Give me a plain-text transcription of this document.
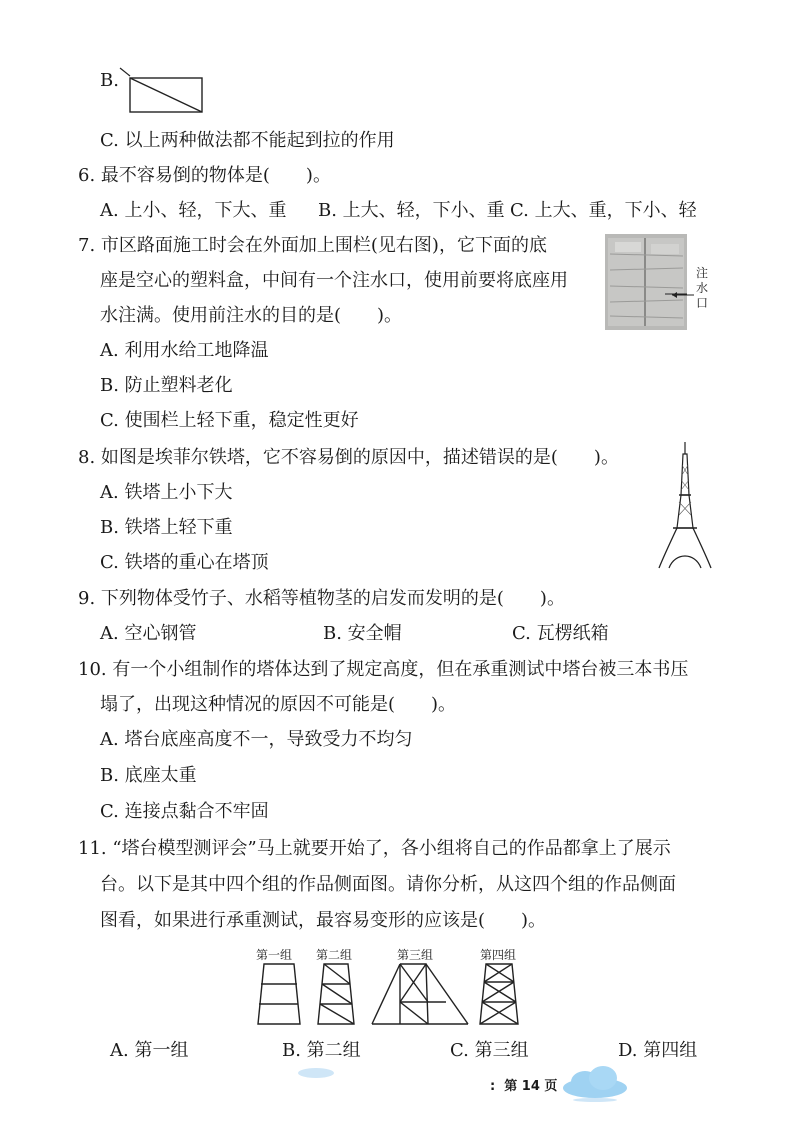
B.
C. 以上两种做法都不能起到拉的作用
6. 最不容易倒的物体是(　　)。
A. 上小、轻，下大、重 B. 上大、轻，下小、重 C. 上大、重，下小、轻
7. 市区路面施工时会在外面加上围栏(见右图)，它下面的底
座是空心的塑料盒，中间有一个注水口，使用前要将底座用
水注满。使用前注水的目的是(　　)。
注
水
口
A. 利用水给工地降温
B. 防止塑料老化
C. 使围栏上轻下重，稳定性更好
8. 如图是埃菲尔铁塔，它不容易倒的原因中，描述错误的是(　　)。
A. 铁塔上小下大
B. 铁塔上轻下重
C. 铁塔的重心在塔顶
9. 下列物体受竹子、水稻等植物茎的启发而发明的是(　　)。
A. 空心钢管	B. 安全帽	C. 瓦楞纸箱
10. 有一个小组制作的塔体达到了规定高度，但在承重测试中塔台被三本书压
塌了，出现这种情况的原因不可能是(　　)。
A. 塔台底座高度不一，导致受力不均匀
B. 底座太重
C. 连接点黏合不牢固
11. “塔台模型测评会”马上就要开始了，各小组将自己的作品都拿上了展示
台。以下是其中四个组的作品侧面图。请你分析，从这四个组的作品侧面
图看，如果进行承重测试，最容易变形的应该是(　　)。
第一组 第二组	第三组	第四组
A. 第一组	B. 第二组	C. 第三组	D. 第四组
: 第 14 页
